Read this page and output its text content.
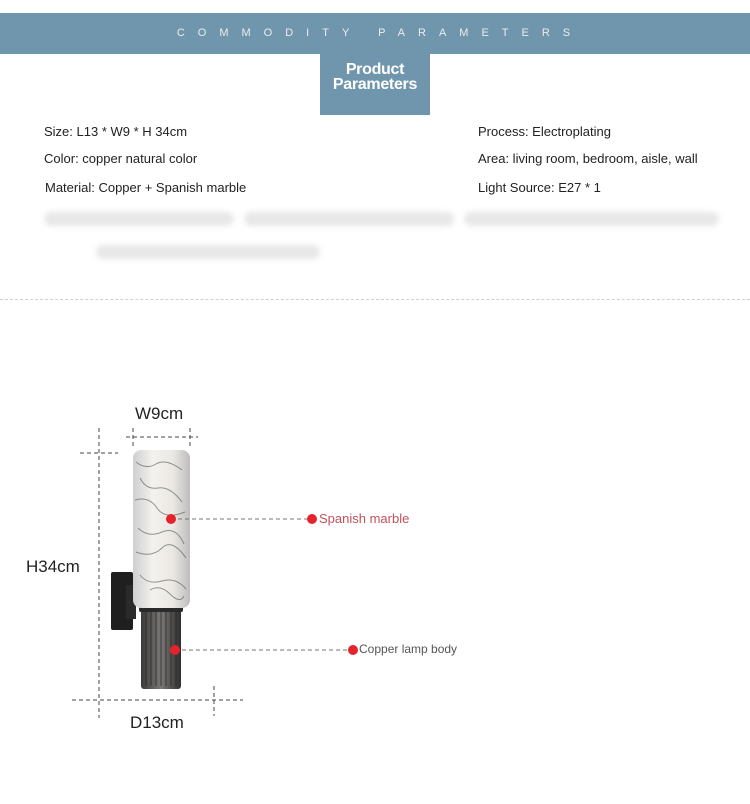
COMMODITY PARAMETERS
Product
Parameters
Size: L13 * W9 * H 34cm
Color: copper natural color
Material: Copper + Spanish marble
Process: Electroplating
Area: living room, bedroom, aisle, wall
Light Source: E27 * 1
W9cm
H34cm
D13cm
Spanish marble
Copper lamp body
